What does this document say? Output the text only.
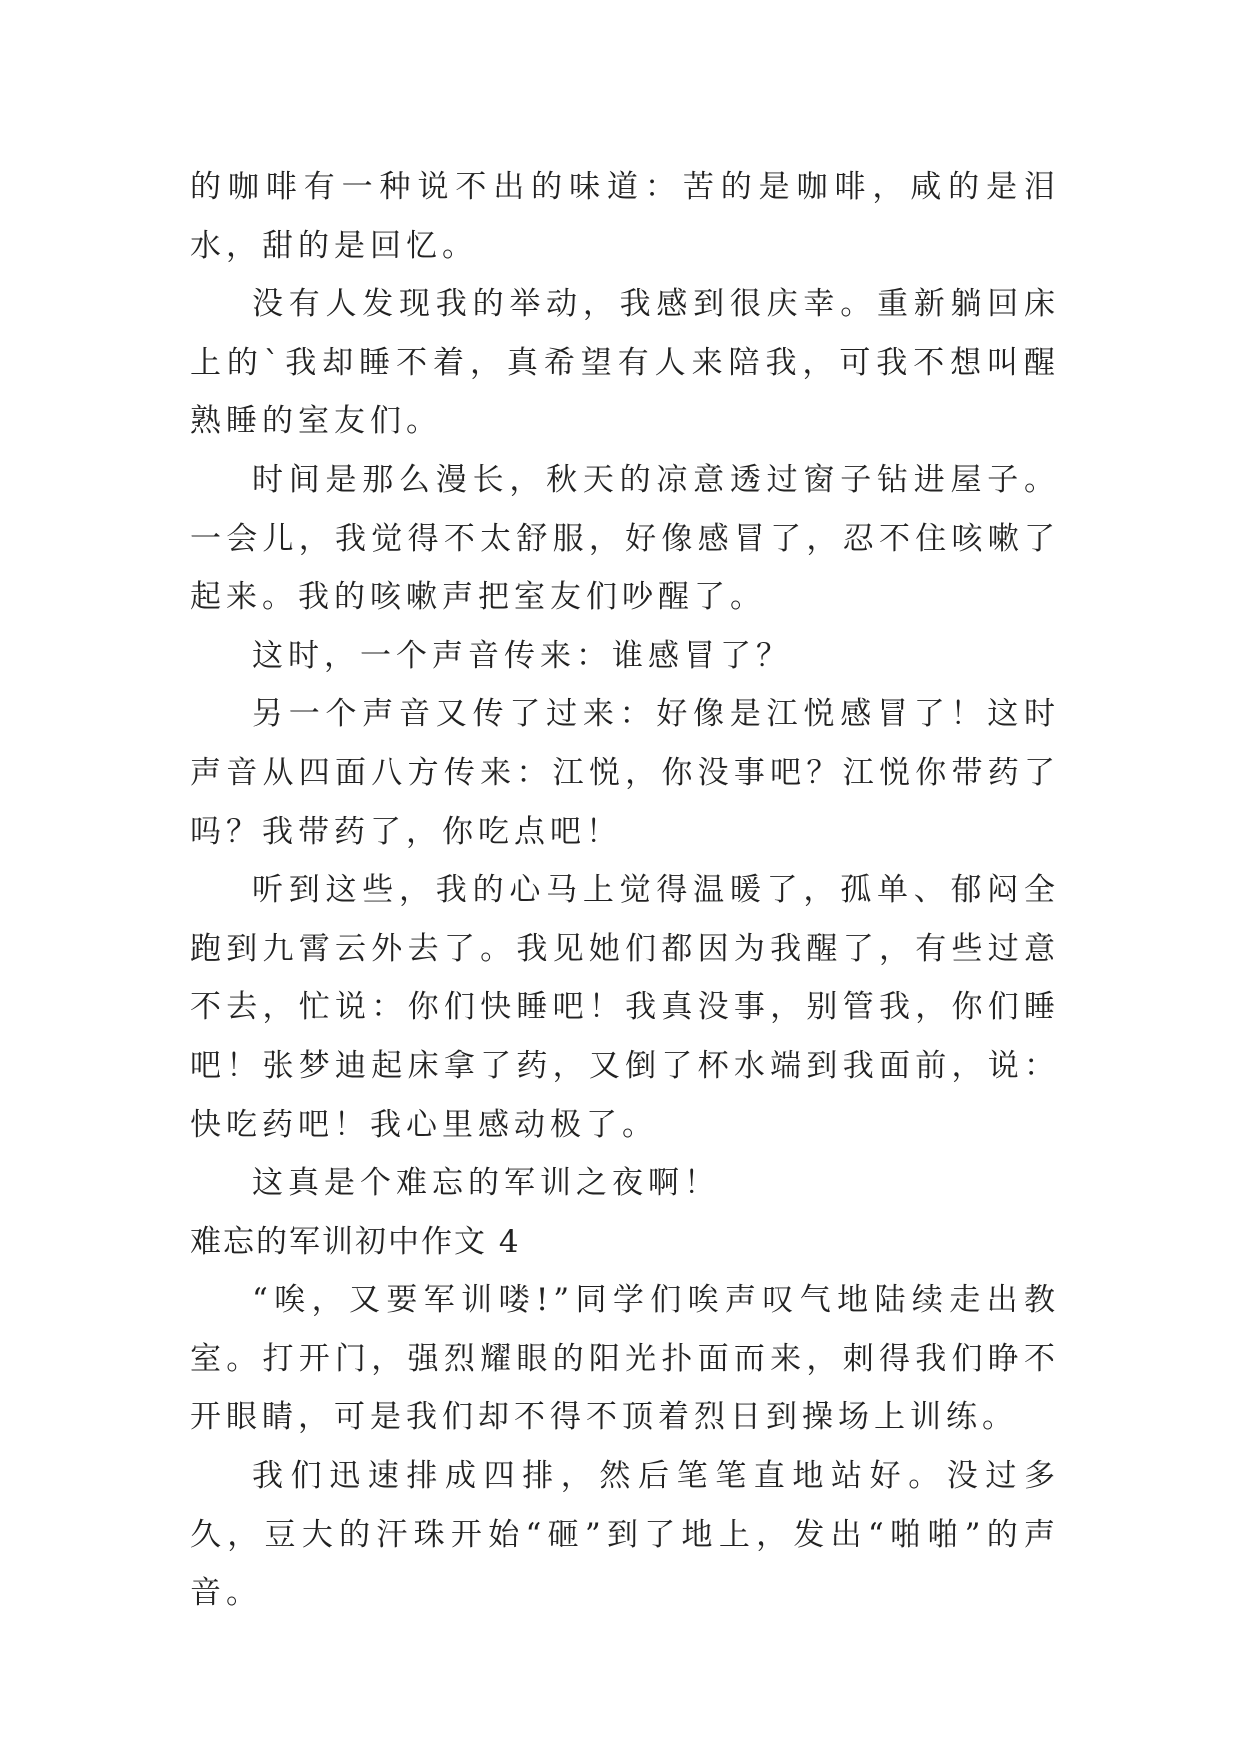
的咖啡有一种说不出的味道：苦的是咖啡，咸的是泪水，甜的是回忆。

没有人发现我的举动，我感到很庆幸。重新躺回床上的`我却睡不着，真希望有人来陪我，可我不想叫醒熟睡的室友们。

时间是那么漫长，秋天的凉意透过窗子钻进屋子。一会儿，我觉得不太舒服，好像感冒了，忍不住咳嗽了起来。我的咳嗽声把室友们吵醒了。

这时，一个声音传来：谁感冒了？

另一个声音又传了过来：好像是江悦感冒了！这时声音从四面八方传来：江悦，你没事吧？江悦你带药了吗？我带药了，你吃点吧！

听到这些，我的心马上觉得温暖了，孤单、郁闷全跑到九霄云外去了。我见她们都因为我醒了，有些过意不去，忙说：你们快睡吧！我真没事，别管我，你们睡吧！张梦迪起床拿了药，又倒了杯水端到我面前，说：快吃药吧！我心里感动极了。

这真是个难忘的军训之夜啊！

难忘的军训初中作文 4

“唉，又要军训喽!”同学们唉声叹气地陆续走出教室。打开门，强烈耀眼的阳光扑面而来，刺得我们睁不开眼睛，可是我们却不得不顶着烈日到操场上训练。

我们迅速排成四排，然后笔笔直地站好。没过多久，豆大的汗珠开始“砸”到了地上，发出“啪啪”的声音。
